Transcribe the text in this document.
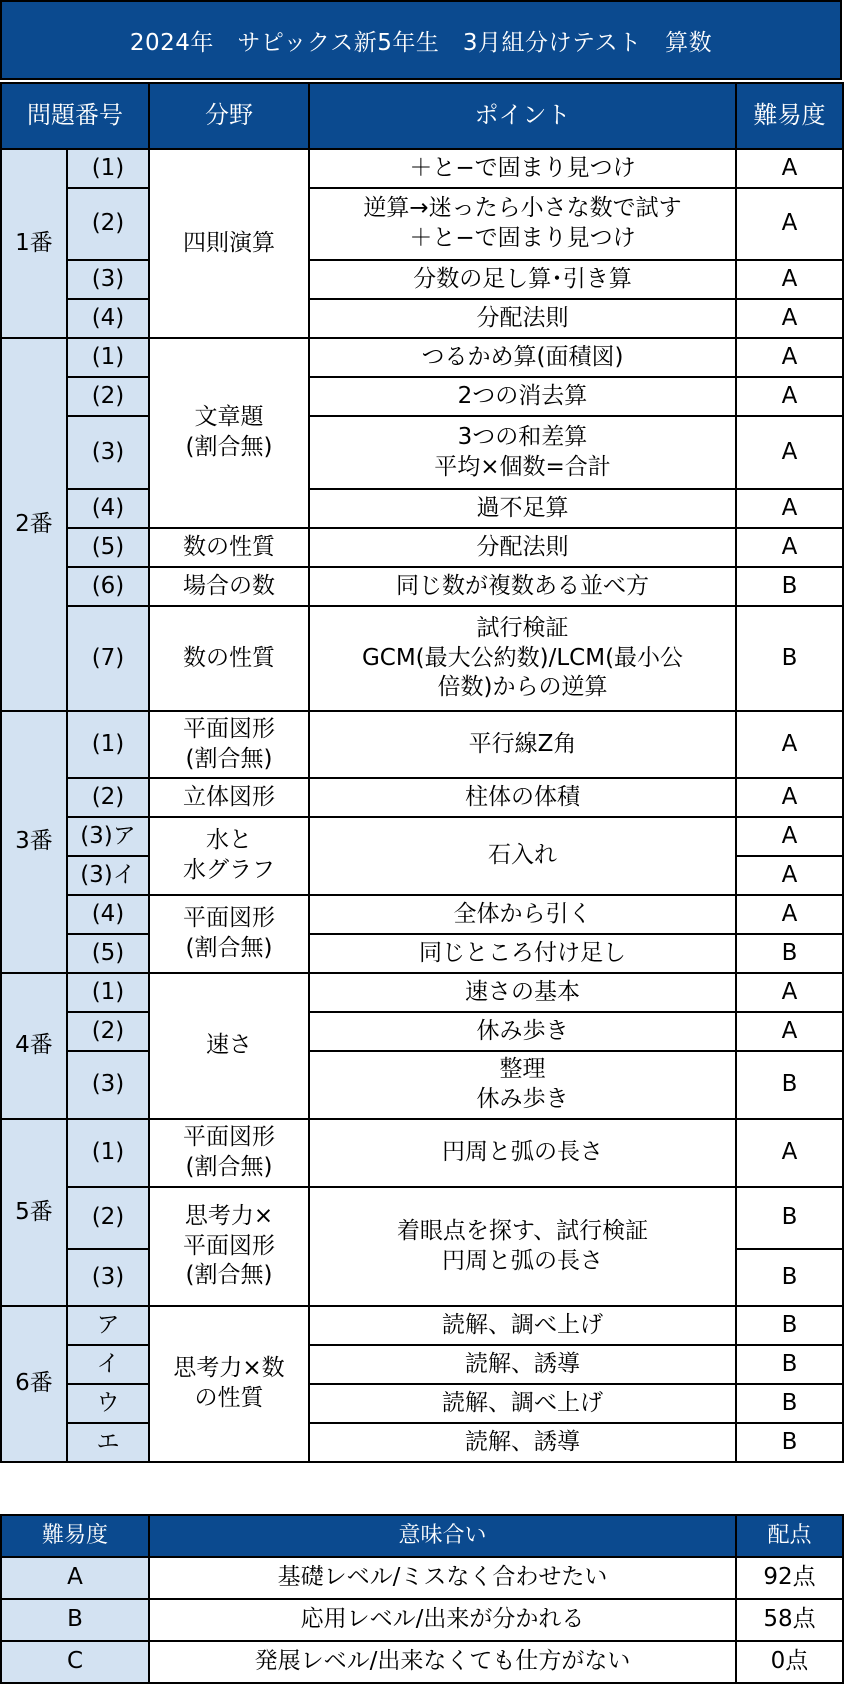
2024年　サピックス新5年生　3月組分けテスト　算数
問題番号		分野	ポイント	難易度
1番	(1)	四則演算	＋と−で固まり見つけ	A
	(2)		逆算→迷ったら小さな数で試す
＋と−で固まり見つけ	A
	(3)		分数の足し算･引き算	A
	(4)		分配法則	A
2番	(1)	文章題
(割合無)	つるかめ算(面積図)	A
	(2)		2つの消去算	A
	(3)		3つの和差算
平均×個数=合計	A
	(4)		過不足算	A
	(5)	数の性質	分配法則	A
	(6)	場合の数	同じ数が複数ある並べ方	B
	(7)	数の性質	試行検証
GCM(最大公約数)/LCM(最小公
倍数)からの逆算	B
3番	(1)	平面図形
(割合無)	平行線Z角	A
	(2)	立体図形	柱体の体積	A
	(3)ア	水と
水グラフ	石入れ	A
	(3)イ			A
	(4)	平面図形
(割合無)	全体から引く	A
	(5)		同じところ付け足し	B
4番	(1)	速さ	速さの基本	A
	(2)		休み歩き	A
	(3)		整理
休み歩き	B
5番	(1)	平面図形
(割合無)	円周と弧の長さ	A
	(2)	思考力×
平面図形
(割合無)	着眼点を探す、試行検証
円周と弧の長さ	B
	(3)			B
6番	ア	思考力×数
の性質	読解、調べ上げ	B
	イ		読解、誘導	B
	ウ		読解、調べ上げ	B
	エ		読解、誘導	B
難易度	意味合い	配点
A	基礎レベル/ミスなく合わせたい	92点
B	応用レベル/出来が分かれる	58点
C	発展レベル/出来なくても仕方がない	0点
